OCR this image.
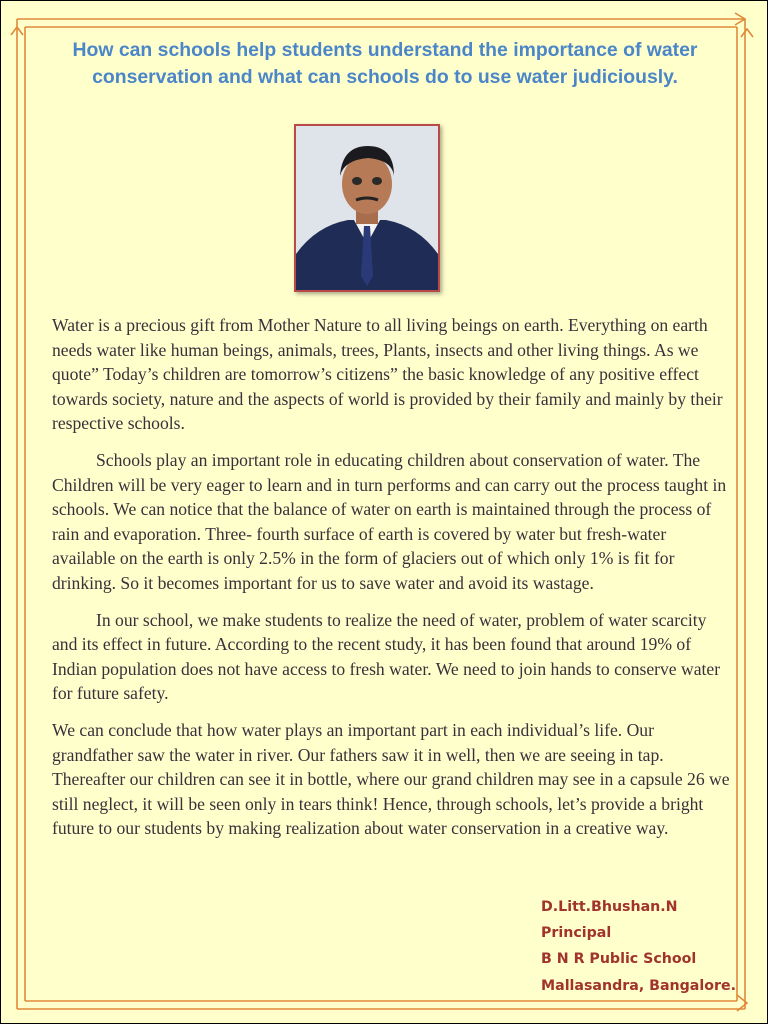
How can schools help students understand the importance of water conservation and what can schools do to use water judiciously.

Water is a precious gift from Mother Nature to all living beings on earth. Everything on earth needs water like human beings, animals, trees, Plants, insects and other living things. As we quote” Today’s children are tomorrow’s citizens” the basic knowledge of any positive effect towards society, nature and the aspects of world is provided by their family and mainly by their respective schools.

Schools play an important role in educating children about conservation of water. The Children will be very eager to learn and in turn performs and can carry out the process taught in schools. We can notice that the balance of water on earth is maintained through the process of rain and evaporation. Three- fourth surface of earth is covered by water but fresh-water available on the earth is only 2.5% in the form of glaciers out of which only 1% is fit for drinking. So it becomes important for us to save water and avoid its wastage.

In our school, we make students to realize the need of water, problem of water scarcity and its effect in future. According to the recent study, it has been found that around 19% of Indian population does not have access to fresh water. We need to join hands to conserve water for future safety.

We can conclude that how water plays an important part in each individual’s life. Our grandfather saw the water in river. Our fathers saw it in well, then we are seeing in tap. Thereafter our children can see it in bottle, where our grand children may see in a capsule 26 we still neglect, it will be seen only in tears think! Hence, through schools, let’s provide a bright future to our students by making realization about water conservation in a creative way.

D.Litt.Bhushan.N
Principal
B N R Public School
Mallasandra, Bangalore.
